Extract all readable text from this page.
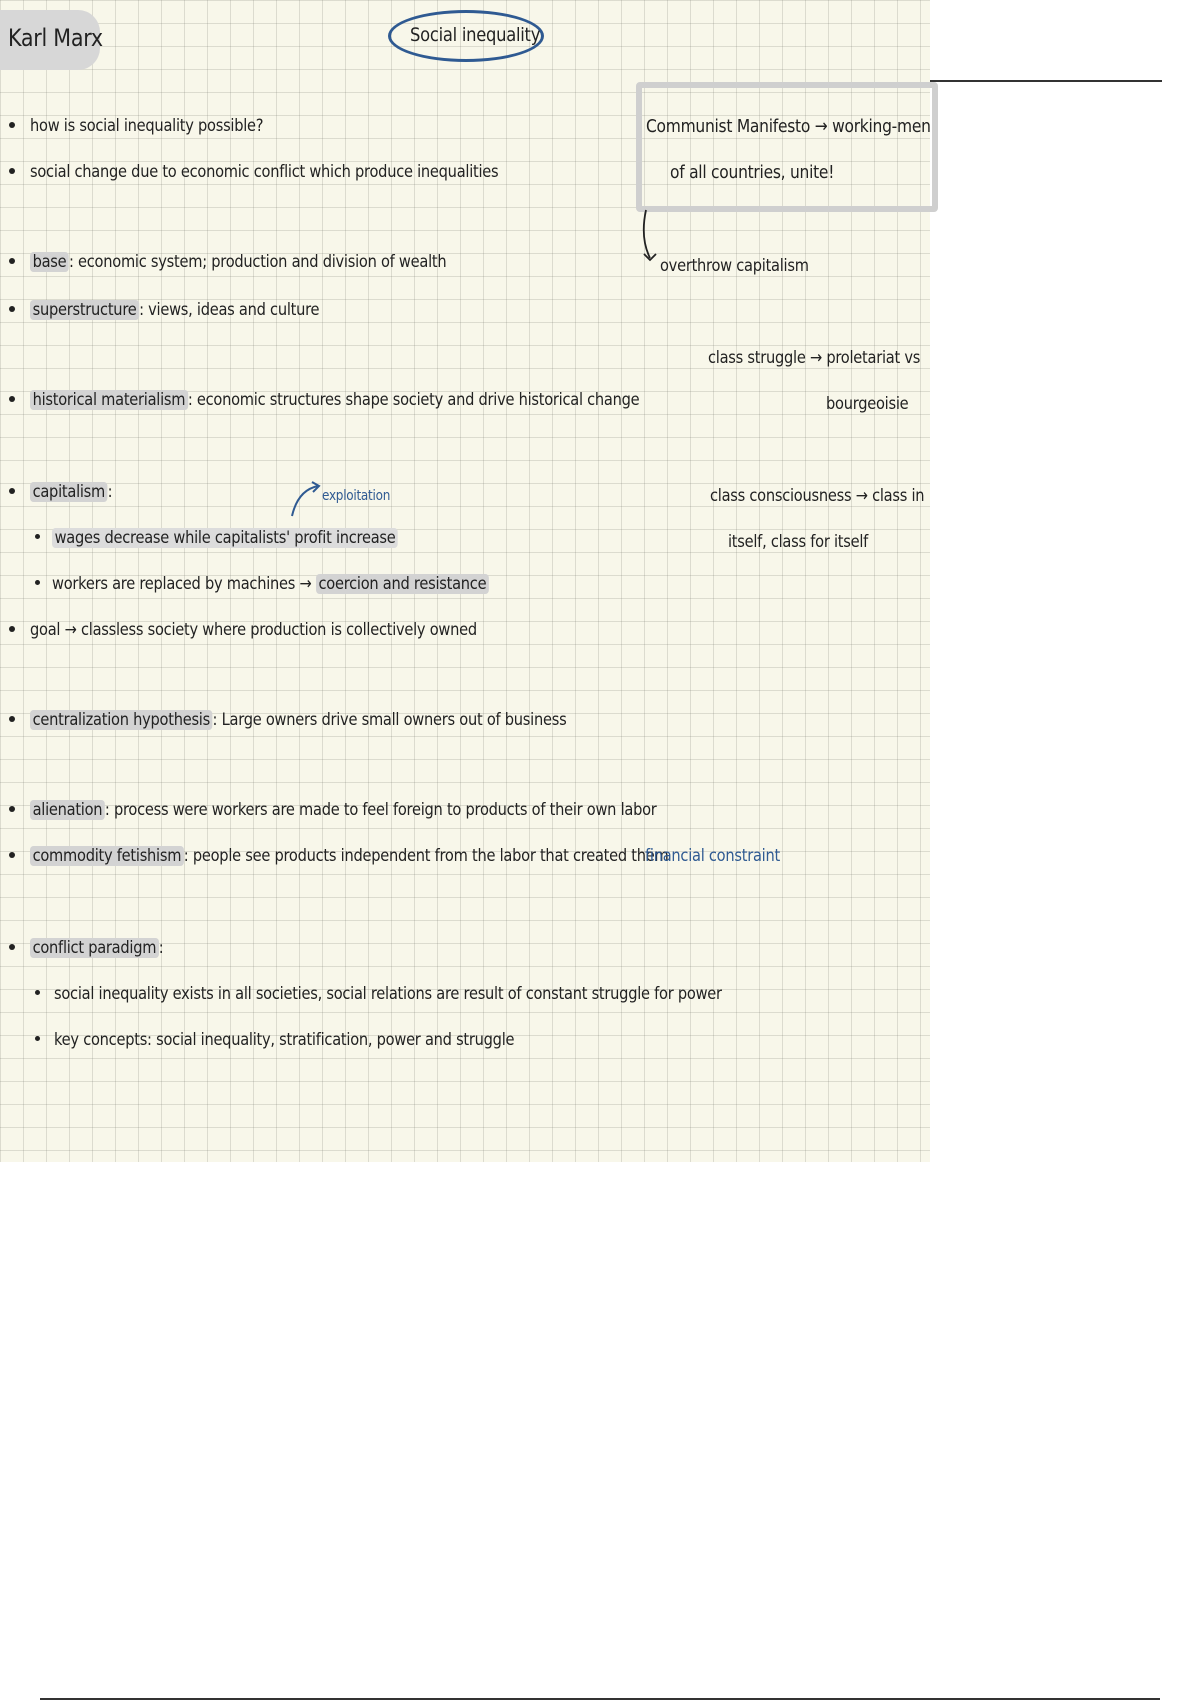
Karl Marx	Social inequality
how is social inequality possible?
social change due to economic conflict which produce inequalities
base : economic system; production and division of wealth
superstructure : views, ideas and culture
historical materialism : economic structures shape society and drive historical change
capitalism :	exploitation
wages decrease while capitalists' profit increase
workers are replaced by machines → coercion and resistance
goal → classless society where production is collectively owned
centralization hypothesis : Large owners drive small owners out of business
alienation : process were workers are made to feel foreign to products of their own labor
commodity fetishism : people see products independent from the labor that created them
financial constraint
conflict paradigm :
social inequality exists in all societies, social relations are result of constant struggle for power
key concepts: social inequality, stratification, power and struggle
Communist Manifesto → working-men
of all countries, unite!
overthrow capitalism
class struggle → proletariat vs
bourgeoisie
class consciousness → class in
itself, class for itself
